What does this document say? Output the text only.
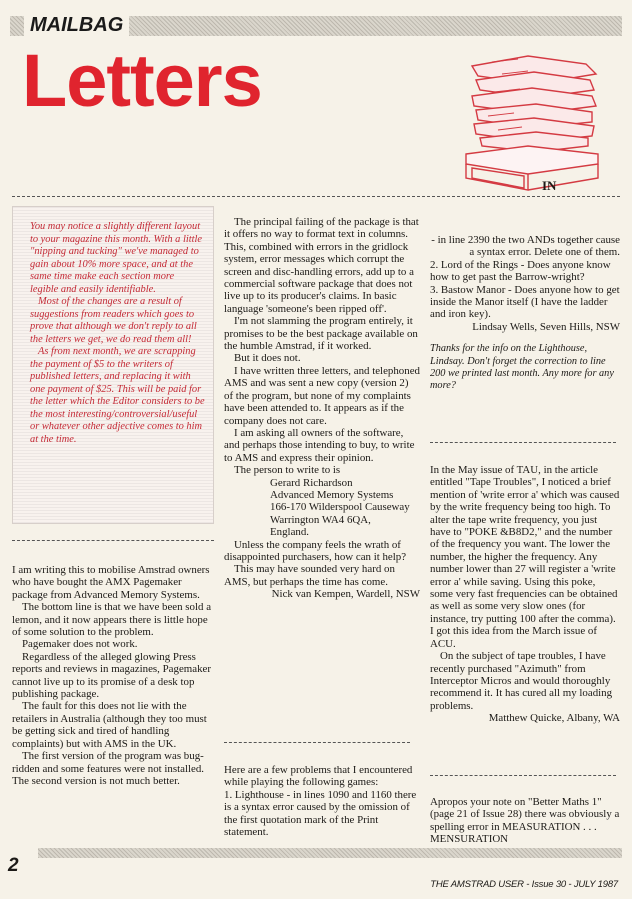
MAILBAG
Letters
IN

You may notice a slightly different layout to your magazine this month. With a little "nipping and tucking" we've managed to gain about 10% more space, and at the same time make each section more legible and easily identifiable.

Most of the changes are a result of suggestions from readers which goes to prove that although we don't reply to all the letters we get, we do read them all!

As from next month, we are scrapping the payment of $5 to the writers of published letters, and replacing it with one payment of $25. This will be paid for the letter which the Editor considers to be the most interesting/controversial/useful or whatever other adjective comes to him at the time.

I am writing this to mobilise Amstrad owners who have bought the AMX Pagemaker package from Advanced Memory Systems.

The bottom line is that we have been sold a lemon, and it now appears there is little hope of some solution to the problem.

Pagemaker does not work.

Regardless of the alleged glowing Press reports and reviews in magazines, Pagemaker cannot live up to its promise of a desk top publishing package.

The fault for this does not lie with the retailers in Australia (although they too must be getting sick and tired of handling complaints) but with AMS in the UK.

The first version of the program was bug-ridden and some features were not installed. The second version is not much better.

The principal failing of the package is that it offers no way to format text in columns. This, combined with errors in the gridlock system, error messages which corrupt the screen and disc-handling errors, add up to a commercial software package that does not live up to its producer's claims. In basic language 'someone's been ripped off'.

I'm not slamming the program entirely, it promises to be the best package available on the humble Amstrad, if it worked.

But it does not.

I have written three letters, and telephoned AMS and was sent a new copy (version 2) of the program, but none of my complaints have been attended to. It appears as if the company does not care.

I am asking all owners of the software, and perhaps those intending to buy, to write to AMS and express their opinion.

The person to write to is

Gerard Richardson

Advanced Memory Systems

166-170 Wilderspool Causeway

Warrington WA4 6QA,

England.

Unless the company feels the wrath of disappointed purchasers, how can it help?

This may have sounded very hard on AMS, but perhaps the time has come.

Nick van Kempen, Wardell, NSW

Here are a few problems that I encountered while playing the following games:

1. Lighthouse - in lines 1090 and 1160 there is a syntax error caused by the omission of the first quotation mark of the Print statement.

- in line 2390 the two ANDs together cause a syntax error. Delete one of them.

2. Lord of the Rings - Does anyone know how to get past the Barrow-wright?

3. Bastow Manor - Does anyone how to get inside the Manor itself (I have the ladder and iron key).

Lindsay Wells, Seven Hills, NSW

Thanks for the info on the Lighthouse, Lindsay. Don't forget the correction to line 200 we printed last month. Any more for any more?

In the May issue of TAU, in the article entitled "Tape Troubles", I noticed a brief mention of 'write error a' which was caused by the write frequency being too high. To alter the tape write frequency, you just have to "POKE &B8D2," and the number of the frequency you want. The lower the number, the higher the frequency. Any number lower than 27 will register a 'write error a' while saving. Using this poke, some very fast frequencies can be obtained as well as some very slow ones (for instance, try putting 100 after the comma). I got this idea from the March issue of ACU.

On the subject of tape troubles, I have recently purchased "Azimuth" from Interceptor Micros and would thoroughly recommend it. It has cured all my loading problems.

Matthew Quicke, Albany, WA

Apropos your note on "Better Maths 1" (page 21 of Issue 28) there was obviously a spelling error in MEASURATION . . . MENSURATION

2
THE AMSTRAD USER - Issue 30 - JULY 1987
